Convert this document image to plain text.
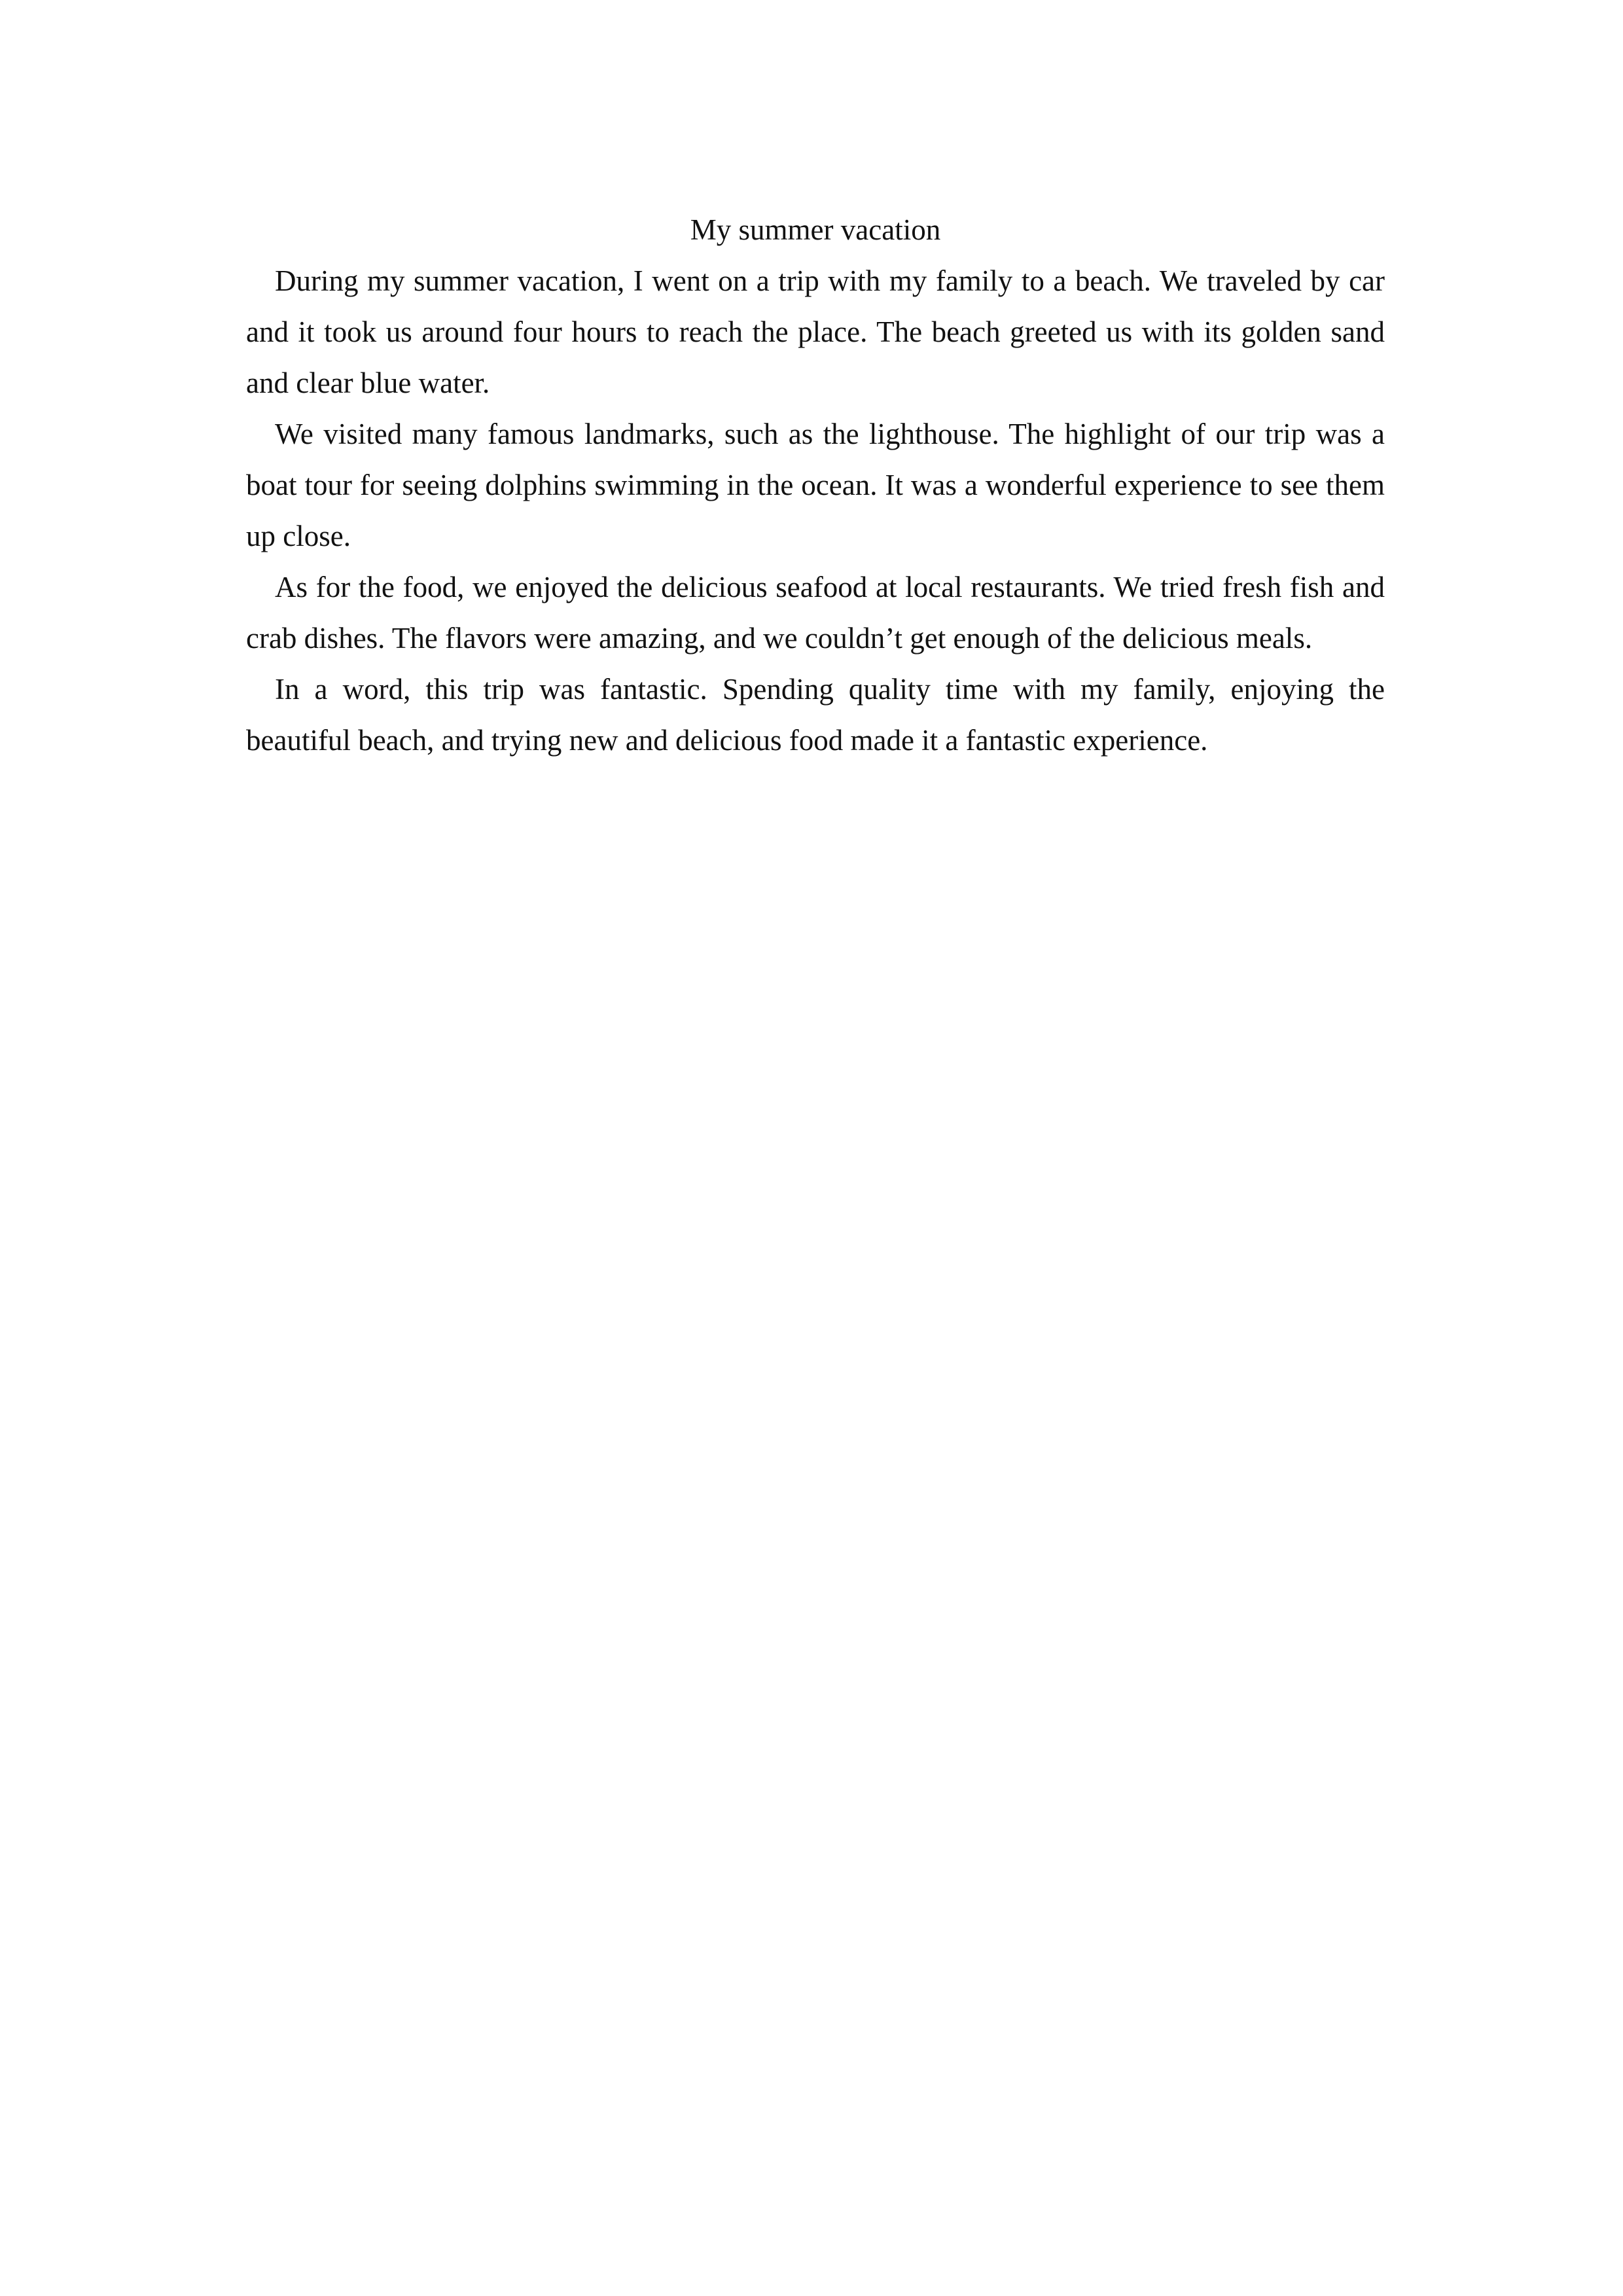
My summer vacation

During my summer vacation, I went on a trip with my family to a beach. We traveled by car and it took us around four hours to reach the place. The beach greeted us with its golden sand and clear blue water.

We visited many famous landmarks, such as the lighthouse. The highlight of our trip was a boat tour for seeing dolphins swimming in the ocean. It was a wonderful experience to see them up close.

As for the food, we enjoyed the delicious seafood at local restaurants. We tried fresh fish and crab dishes. The flavors were amazing, and we couldn’t get enough of the delicious meals.

In a word, this trip was fantastic. Spending quality time with my family, enjoying the beautiful beach, and trying new and delicious food made it a fantastic experience.
